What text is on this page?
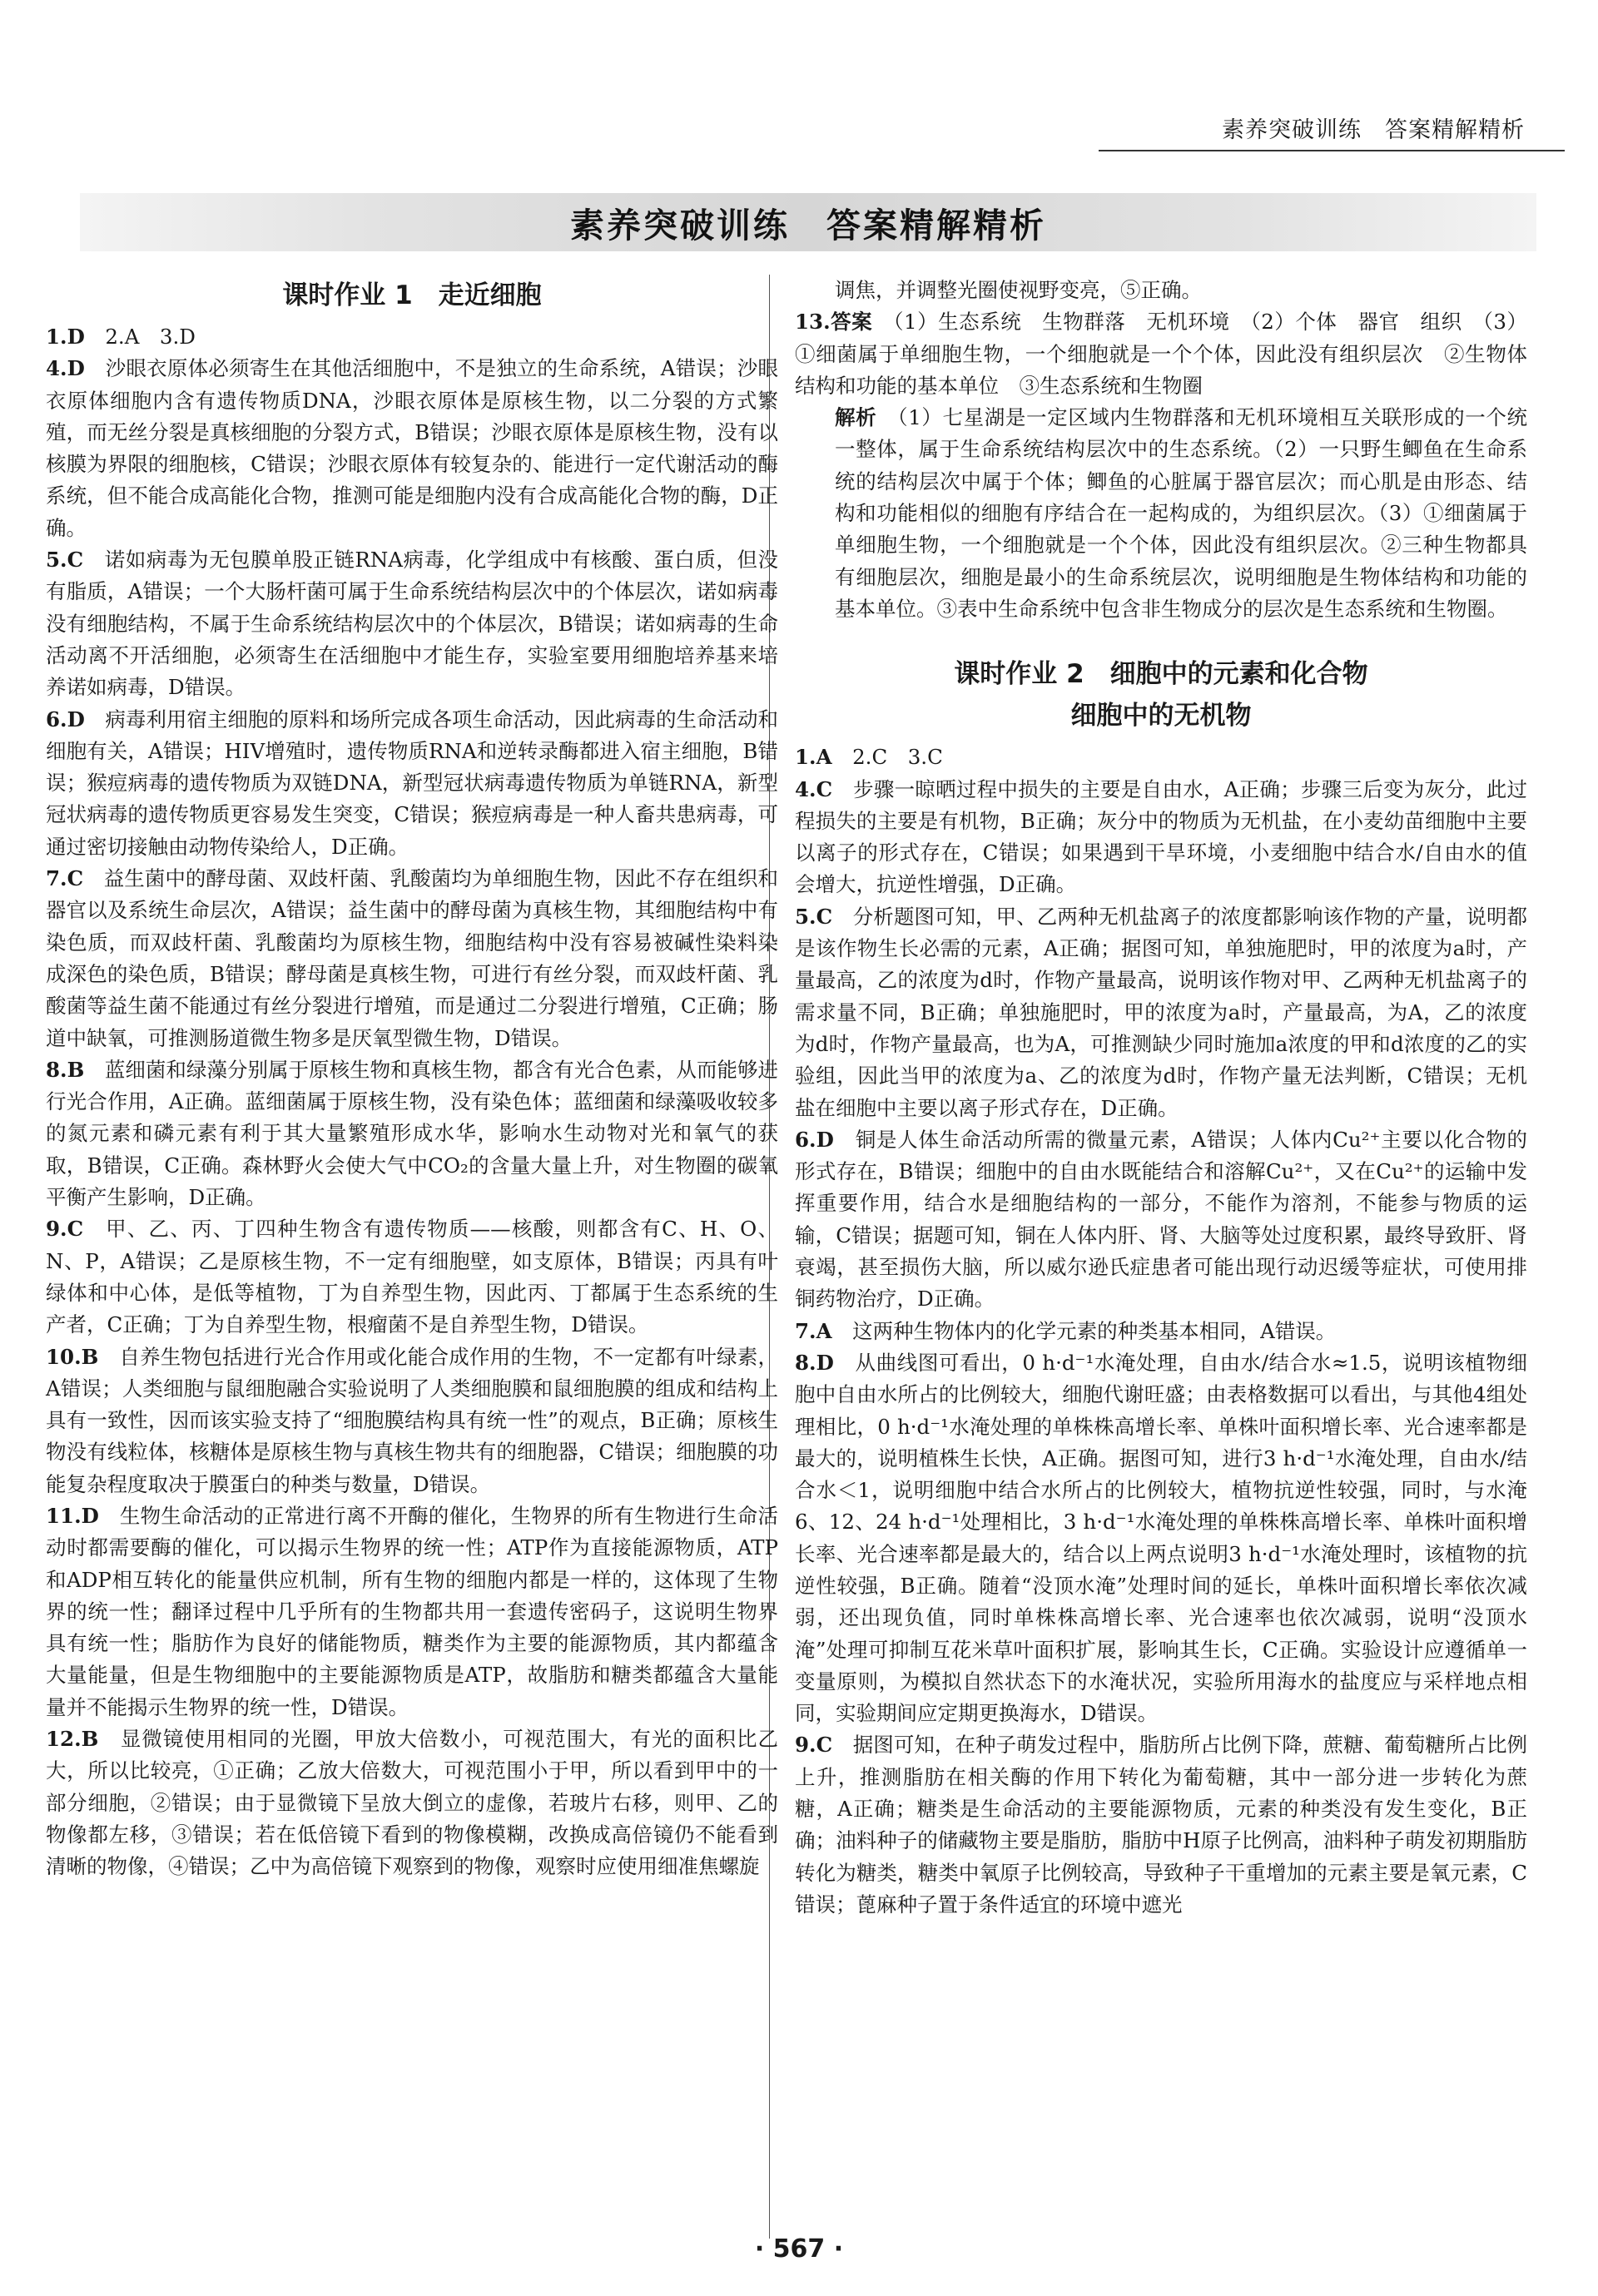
素养突破训练　答案精解精析
素养突破训练　答案精解精析
课时作业 1　走近细胞

1.D　 2.A　3.D

4.D　 沙眼衣原体必须寄生在其他活细胞中，不是独立的生命系统，A错误；沙眼衣原体细胞内含有遗传物质DNA，沙眼衣原体是原核生物，以二分裂的方式繁殖，而无丝分裂是真核细胞的分裂方式，B错误；沙眼衣原体是原核生物，没有以核膜为界限的细胞核，C错误；沙眼衣原体有较复杂的、能进行一定代谢活动的酶系统，但不能合成高能化合物，推测可能是细胞内没有合成高能化合物的酶，D正确。

5.C　 诺如病毒为无包膜单股正链RNA病毒，化学组成中有核酸、蛋白质，但没有脂质，A错误；一个大肠杆菌可属于生命系统结构层次中的个体层次，诺如病毒没有细胞结构，不属于生命系统结构层次中的个体层次，B错误；诺如病毒的生命活动离不开活细胞，必须寄生在活细胞中才能生存，实验室要用细胞培养基来培养诺如病毒，D错误。

6.D　 病毒利用宿主细胞的原料和场所完成各项生命活动，因此病毒的生命活动和细胞有关，A错误；HIV增殖时，遗传物质RNA和逆转录酶都进入宿主细胞，B错误；猴痘病毒的遗传物质为双链DNA，新型冠状病毒遗传物质为单链RNA，新型冠状病毒的遗传物质更容易发生突变，C错误；猴痘病毒是一种人畜共患病毒，可通过密切接触由动物传染给人，D正确。

7.C　 益生菌中的酵母菌、双歧杆菌、乳酸菌均为单细胞生物，因此不存在组织和器官以及系统生命层次，A错误；益生菌中的酵母菌为真核生物，其细胞结构中有染色质，而双歧杆菌、乳酸菌均为原核生物，细胞结构中没有容易被碱性染料染成深色的染色质，B错误；酵母菌是真核生物，可进行有丝分裂，而双歧杆菌、乳酸菌等益生菌不能通过有丝分裂进行增殖，而是通过二分裂进行增殖，C正确；肠道中缺氧，可推测肠道微生物多是厌氧型微生物，D错误。

8.B　 蓝细菌和绿藻分别属于原核生物和真核生物，都含有光合色素，从而能够进行光合作用，A正确。蓝细菌属于原核生物，没有染色体；蓝细菌和绿藻吸收较多的氮元素和磷元素有利于其大量繁殖形成水华，影响水生动物对光和氧气的获取，B错误，C正确。森林野火会使大气中CO₂的含量大量上升，对生物圈的碳氧平衡产生影响，D正确。

9.C　 甲、乙、丙、丁四种生物含有遗传物质——核酸，则都含有C、H、O、N、P，A错误；乙是原核生物，不一定有细胞壁，如支原体，B错误；丙具有叶绿体和中心体，是低等植物，丁为自养型生物，因此丙、丁都属于生态系统的生产者，C正确；丁为自养型生物，根瘤菌不是自养型生物，D错误。

10.B　 自养生物包括进行光合作用或化能合成作用的生物，不一定都有叶绿素，A错误；人类细胞与鼠细胞融合实验说明了人类细胞膜和鼠细胞膜的组成和结构上具有一致性，因而该实验支持了“细胞膜结构具有统一性”的观点，B正确；原核生物没有线粒体，核糖体是原核生物与真核生物共有的细胞器，C错误；细胞膜的功能复杂程度取决于膜蛋白的种类与数量，D错误。

11.D　 生物生命活动的正常进行离不开酶的催化，生物界的所有生物进行生命活动时都需要酶的催化，可以揭示生物界的统一性；ATP作为直接能源物质，ATP和ADP相互转化的能量供应机制，所有生物的细胞内都是一样的，这体现了生物界的统一性；翻译过程中几乎所有的生物都共用一套遗传密码子，这说明生物界具有统一性；脂肪作为良好的储能物质，糖类作为主要的能源物质，其内都蕴含大量能量，但是生物细胞中的主要能源物质是ATP，故脂肪和糖类都蕴含大量能量并不能揭示生物界的统一性，D错误。

12.B　 显微镜使用相同的光圈，甲放大倍数小，可视范围大，有光的面积比乙大，所以比较亮，①正确；乙放大倍数大，可视范围小于甲，所以看到甲中的一部分细胞，②错误；由于显微镜下呈放大倒立的虚像，若玻片右移，则甲、乙的物像都左移，③错误；若在低倍镜下看到的物像模糊，改换成高倍镜仍不能看到清晰的物像，④错误；乙中为高倍镜下观察到的物像，观察时应使用细准焦螺旋

调焦，并调整光圈使视野变亮，⑤正确。

13.答案　 （1）生态系统　生物群落　无机环境　（2）个体　器官　组织　（3）①细菌属于单细胞生物，一个细胞就是一个个体，因此没有组织层次　②生物体结构和功能的基本单位　③生态系统和生物圈

解析　 （1）七星湖是一定区域内生物群落和无机环境相互关联形成的一个统一整体，属于生命系统结构层次中的生态系统。（2）一只野生鲫鱼在生命系统的结构层次中属于个体；鲫鱼的心脏属于器官层次；而心肌是由形态、结构和功能相似的细胞有序结合在一起构成的，为组织层次。（3）①细菌属于单细胞生物，一个细胞就是一个个体，因此没有组织层次。②三种生物都具有细胞层次，细胞是最小的生命系统层次，说明细胞是生物体结构和功能的基本单位。③表中生命系统中包含非生物成分的层次是生态系统和生物圈。

课时作业 2　细胞中的元素和化合物
细胞中的无机物

1.A　 2.C　3.C

4.C　 步骤一晾晒过程中损失的主要是自由水，A正确；步骤三后变为灰分，此过程损失的主要是有机物，B正确；灰分中的物质为无机盐，在小麦幼苗细胞中主要以离子的形式存在，C错误；如果遇到干旱环境，小麦细胞中结合水/自由水的值会增大，抗逆性增强，D正确。

5.C　 分析题图可知，甲、乙两种无机盐离子的浓度都影响该作物的产量，说明都是该作物生长必需的元素，A正确；据图可知，单独施肥时，甲的浓度为a时，产量最高，乙的浓度为d时，作物产量最高，说明该作物对甲、乙两种无机盐离子的需求量不同，B正确；单独施肥时，甲的浓度为a时，产量最高，为A，乙的浓度为d时，作物产量最高，也为A，可推测缺少同时施加a浓度的甲和d浓度的乙的实验组，因此当甲的浓度为a、乙的浓度为d时，作物产量无法判断，C错误；无机盐在细胞中主要以离子形式存在，D正确。

6.D　 铜是人体生命活动所需的微量元素，A错误；人体内Cu²⁺主要以化合物的形式存在，B错误；细胞中的自由水既能结合和溶解Cu²⁺，又在Cu²⁺的运输中发挥重要作用，结合水是细胞结构的一部分，不能作为溶剂，不能参与物质的运输，C错误；据题可知，铜在人体内肝、肾、大脑等处过度积累，最终导致肝、肾衰竭，甚至损伤大脑，所以威尔逊氏症患者可能出现行动迟缓等症状，可使用排铜药物治疗，D正确。

7.A　 这两种生物体内的化学元素的种类基本相同，A错误。

8.D　 从曲线图可看出，0 h·d⁻¹水淹处理，自由水/结合水≈1.5，说明该植物细胞中自由水所占的比例较大，细胞代谢旺盛；由表格数据可以看出，与其他4组处理相比，0 h·d⁻¹水淹处理的单株株高增长率、单株叶面积增长率、光合速率都是最大的，说明植株生长快，A正确。据图可知，进行3 h·d⁻¹水淹处理，自由水/结合水＜1，说明细胞中结合水所占的比例较大，植物抗逆性较强，同时，与水淹6、12、24 h·d⁻¹处理相比，3 h·d⁻¹水淹处理的单株株高增长率、单株叶面积增长率、光合速率都是最大的，结合以上两点说明3 h·d⁻¹水淹处理时，该植物的抗逆性较强，B正确。随着“没顶水淹”处理时间的延长，单株叶面积增长率依次减弱，还出现负值，同时单株株高增长率、光合速率也依次减弱，说明“没顶水淹”处理可抑制互花米草叶面积扩展，影响其生长，C正确。实验设计应遵循单一变量原则，为模拟自然状态下的水淹状况，实验所用海水的盐度应与采样地点相同，实验期间应定期更换海水，D错误。

9.C　 据图可知，在种子萌发过程中，脂肪所占比例下降，蔗糖、葡萄糖所占比例上升，推测脂肪在相关酶的作用下转化为葡萄糖，其中一部分进一步转化为蔗糖，A正确；糖类是生命活动的主要能源物质，元素的种类没有发生变化，B正确；油料种子的储藏物主要是脂肪，脂肪中H原子比例高，油料种子萌发初期脂肪转化为糖类，糖类中氧原子比例较高，导致种子干重增加的元素主要是氧元素，C错误；蓖麻种子置于条件适宜的环境中遮光

· 567 ·
